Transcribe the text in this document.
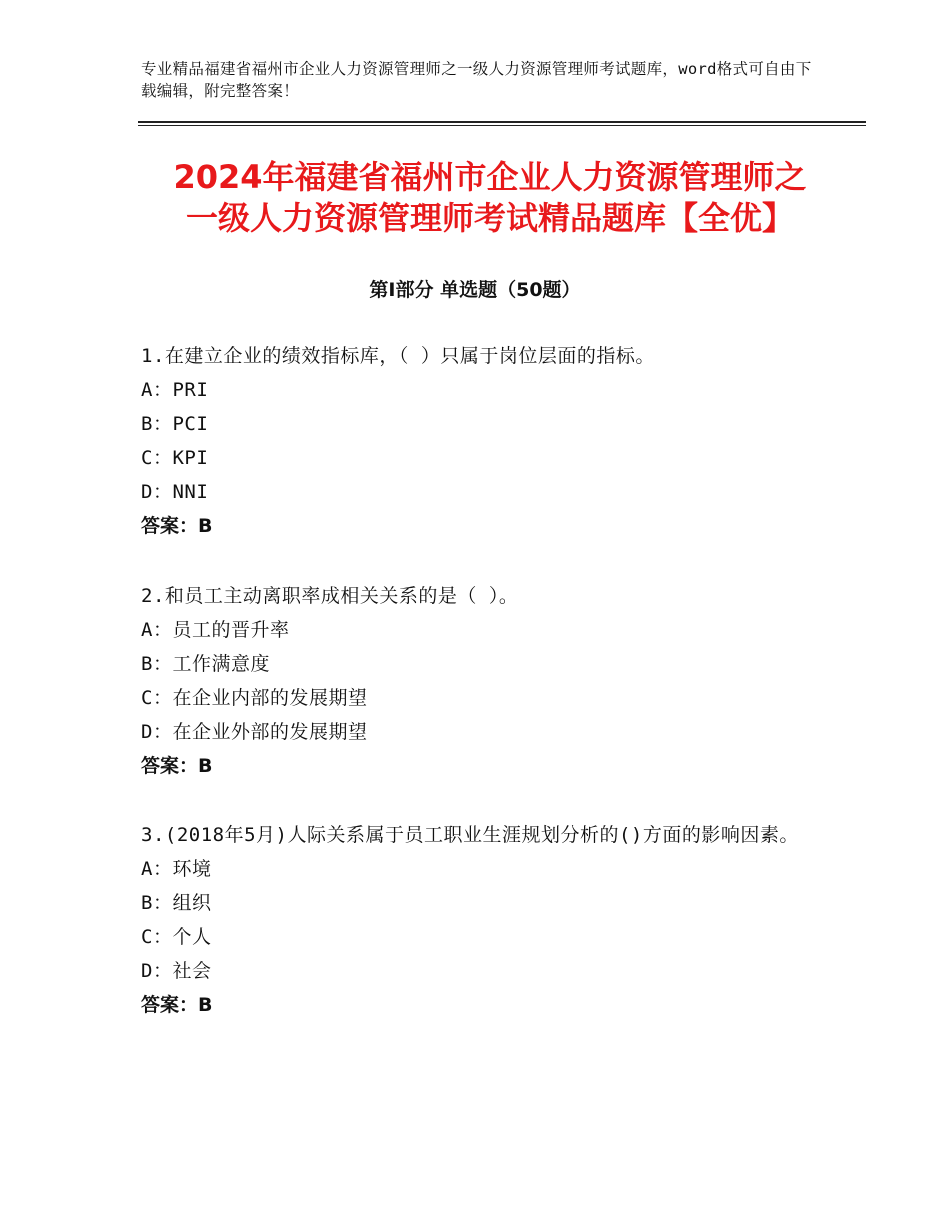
专业精品福建省福州市企业人力资源管理师之一级人力资源管理师考试题库，word格式可自由下载编辑，附完整答案！
2024年福建省福州市企业人力资源管理师之
一级人力资源管理师考试精品题库【全优】
第Ⅰ部分 单选题（50题）

1.在建立企业的绩效指标库，（ ）只属于岗位层面的指标。

A：PRI
B：PCI
C：KPI
D：NNI
答案：B

2.和员工主动离职率成相关关系的是（ ）。

A：员工的晋升率
B：工作满意度
C：在企业内部的发展期望
D：在企业外部的发展期望
答案：B

3.(2018年5月)人际关系属于员工职业生涯规划分析的()方面的影响因素。

A：环境
B：组织
C：个人
D：社会
答案：B
